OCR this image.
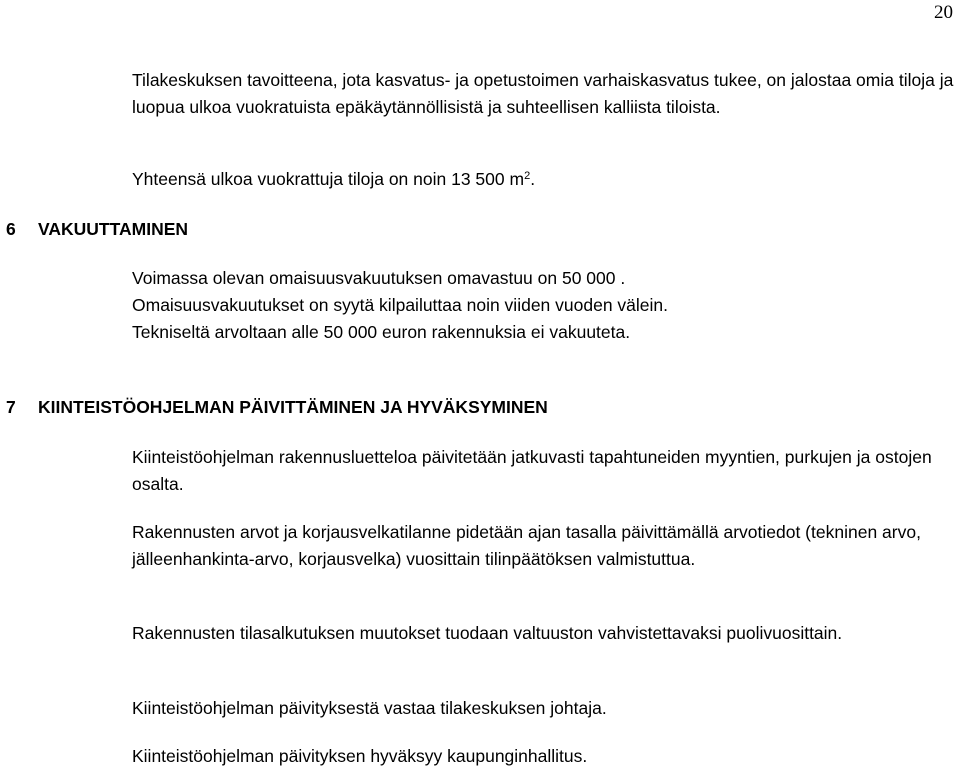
20

Tilakeskuksen tavoitteena, jota kasvatus- ja opetustoimen varhaiskasvatus tukee, on jalostaa omia tiloja ja luopua ulkoa vuokratuista epäkäytännöllisistä ja suhteellisen kalliista tiloista.

Yhteensä ulkoa vuokrattuja tiloja on noin 13 500 $m^2$.

6 VAKUUTTAMINEN

Voimassa olevan omaisuusvakuutuksen omavastuu on 50 000 .

Omaisuusvakuutukset on syytä kilpailuttaa noin viiden vuoden välein.

Tekniseltä arvoltaan alle 50 000 euron rakennuksia ei vakuuteta.

7 KIINTEISTÖOHJELMAN PÄIVITTÄMINEN JA HYVÄKSYMINEN

Kiinteistöohjelman rakennusluetteloa päivitetään jatkuvasti tapahtuneiden myyntien, purkujen ja ostojen osalta.

Rakennusten arvot ja korjausvelkatilanne pidetään ajan tasalla päivittämällä arvotiedot (tekninen arvo, jälleenhankinta-arvo, korjausvelka) vuosittain tilinpäätöksen valmistuttua.

Rakennusten tilasalkutuksen muutokset tuodaan valtuuston vahvistettavaksi puolivuosittain.

Kiinteistöohjelman päivityksestä vastaa tilakeskuksen johtaja.

Kiinteistöohjelman päivityksen hyväksyy kaupunginhallitus.
